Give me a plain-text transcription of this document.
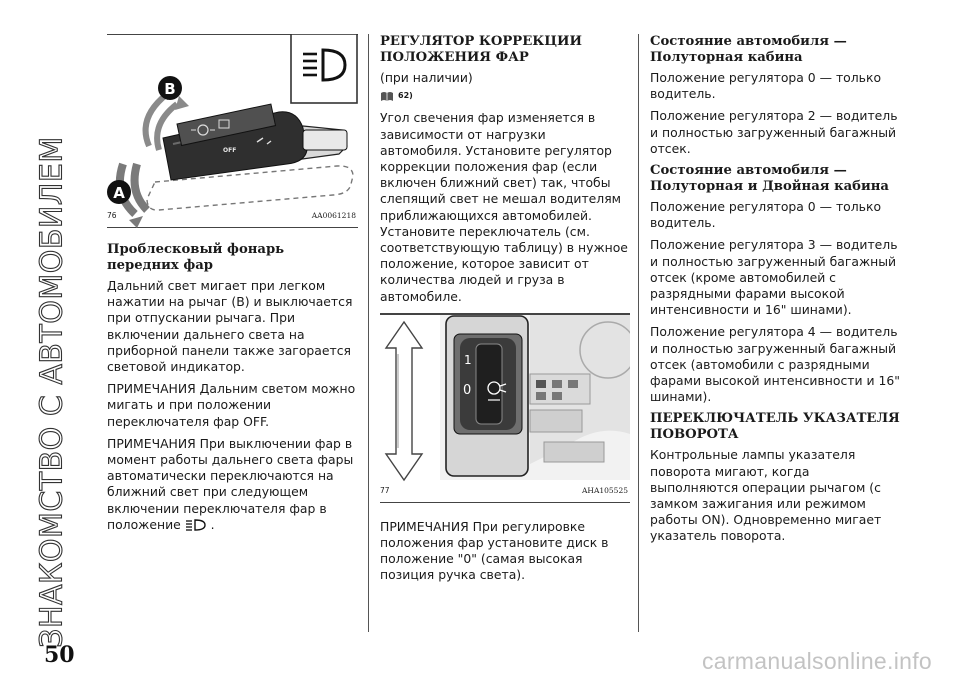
ЗНАКОМСТВО С АВТОМОБИЛЕМ
50	carmanualsonline.info
OFF
B
A
76	AA0061218
Проблесковый фонарь передних фар

Дальний свет мигает при легком нажатии на рычаг (B) и выключается при отпускании рычага. При включении дальнего света на приборной панели также загорается световой индикатор.

ПРИМЕЧАНИЯ Дальним светом можно мигать и при положении переключателя фар OFF.

ПРИМЕЧАНИЯ При выключении фар в момент работы дальнего света фары автоматически переключаются на ближний свет при следующем включении переключателя фар в положение .

РЕГУЛЯТОР КОРРЕКЦИИ ПОЛОЖЕНИЯ ФАР

(при наличии)

62)

Угол свечения фар изменяется в зависимости от нагрузки автомобиля. Установите регулятор коррекции положения фар (если включен ближний свет) так, чтобы слепящий свет не мешал водителям приближающихся автомобилей. Установите переключатель (см. соответствующую таблицу) в нужное положение, которое зависит от количества людей и груза в автомобиле.

1
0
77	AHA105525

ПРИМЕЧАНИЯ При регулировке положения фар установите диск в положение "0" (самая высокая позиция ручка света).

Состояние автомобиля — Полуторная кабина

Положение регулятора 0 — только водитель.

Положение регулятора 2 — водитель и полностью загруженный багажный отсек.

Состояние автомобиля — Полуторная и Двойная кабина

Положение регулятора 0 — только водитель.

Положение регулятора 3 — водитель и полностью загруженный багажный отсек (кроме автомобилей с разрядными фарами высокой интенсивности и 16" шинами).

Положение регулятора 4 — водитель и полностью загруженный багажный отсек (автомобили с разрядными фарами высокой интенсивности и 16" шинами).

ПЕРЕКЛЮЧАТЕЛЬ УКАЗАТЕЛЯ ПОВОРОТА

Контрольные лампы указателя поворота мигают, когда выполняются операции рычагом (с замком зажигания или режимом работы ON). Одновременно мигает указатель поворота.
